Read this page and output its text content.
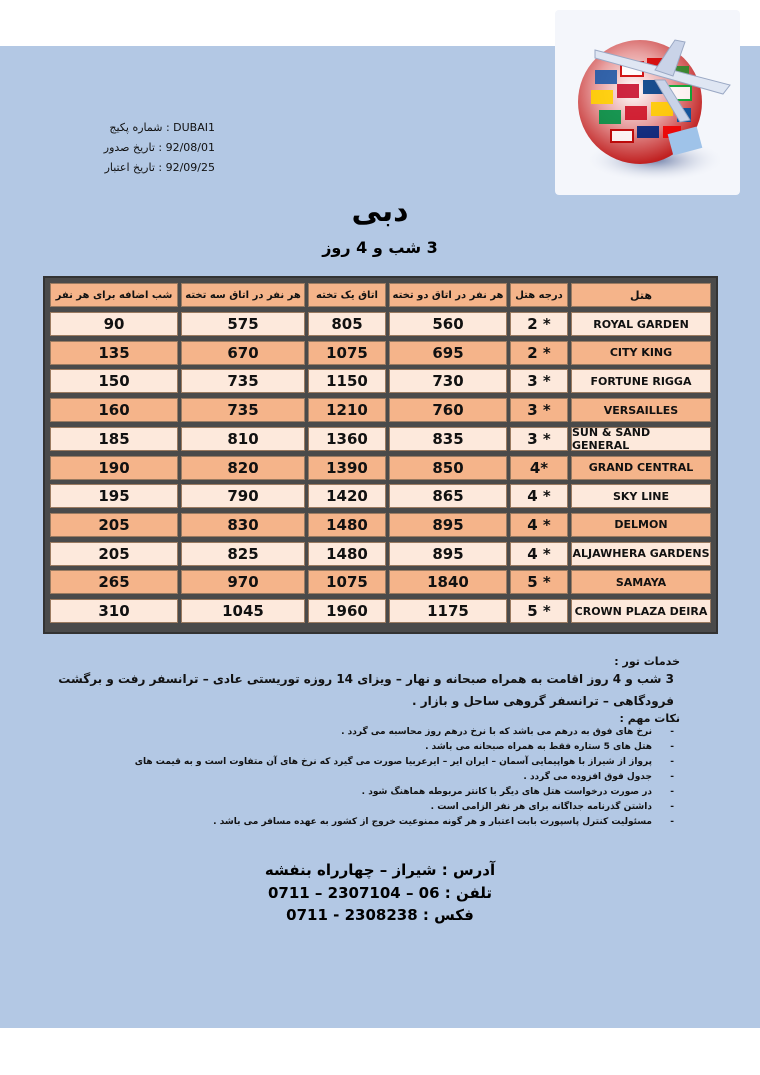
DUBAI1 : شماره پکیج
92/08/01 : تاریخ صدور
92/09/25 : تاریخ اعتبار
دبی
3 شب و 4 روز
شب اضافه برای هر نفر	هر نفر در اتاق سه تخته	اتاق یک تخته	هر نفر در اتاق دو تخته	درجه هتل	هتل
90	575	805	560	2 *	ROYAL GARDEN
135	670	1075	695	2 *	CITY KING
150	735	1150	730	3 *	FORTUNE RIGGA
160	735	1210	760	3 *	VERSAILLES
185	810	1360	835	3 *	SUN & SAND GENERAL
190	820	1390	850	4*	GRAND CENTRAL
195	790	1420	865	4 *	SKY LINE
205	830	1480	895	4 *	DELMON
205	825	1480	895	4 *	ALJAWHERA GARDENS
265	970	1075	1840	5 *	SAMAYA
310	1045	1960	1175	5 *	CROWN PLAZA DEIRA
خدمات تور :
3 شب و 4 روز اقامت به همراه صبحانه و نهار – ویزای 14 روزه توریستی عادی – ترانسفر رفت و برگشت
فرودگاهی – ترانسفر گروهی ساحل و بازار .
نکات مهم :
-
نرخ های فوق به درهم می باشد که با نرخ درهم روز محاسبه می گردد .
-
هتل های 5 ستاره فقط به همراه صبحانه می باشد .
-
پرواز از شیراز با هواپیمایی آسمان – ایران ایر – ایرعربیا صورت می گیرد که نرخ های آن متفاوت است و به قیمت های
-
جدول فوق افزوده می گردد .
-
در صورت درخواست هتل های دیگر با کانتر مربوطه هماهنگ شود .
-
داشتن گذرنامه جداگانه برای هر نفر الزامی است .
-
مسئولیت کنترل پاسپورت بابت اعتبار و هر گونه ممنوعیت خروج از کشور به عهده مسافر می باشد .
آدرس : شیراز – چهارراه بنفشه
تلفن : 06 – 2307104 – 0711
فکس : 2308238 - 0711
